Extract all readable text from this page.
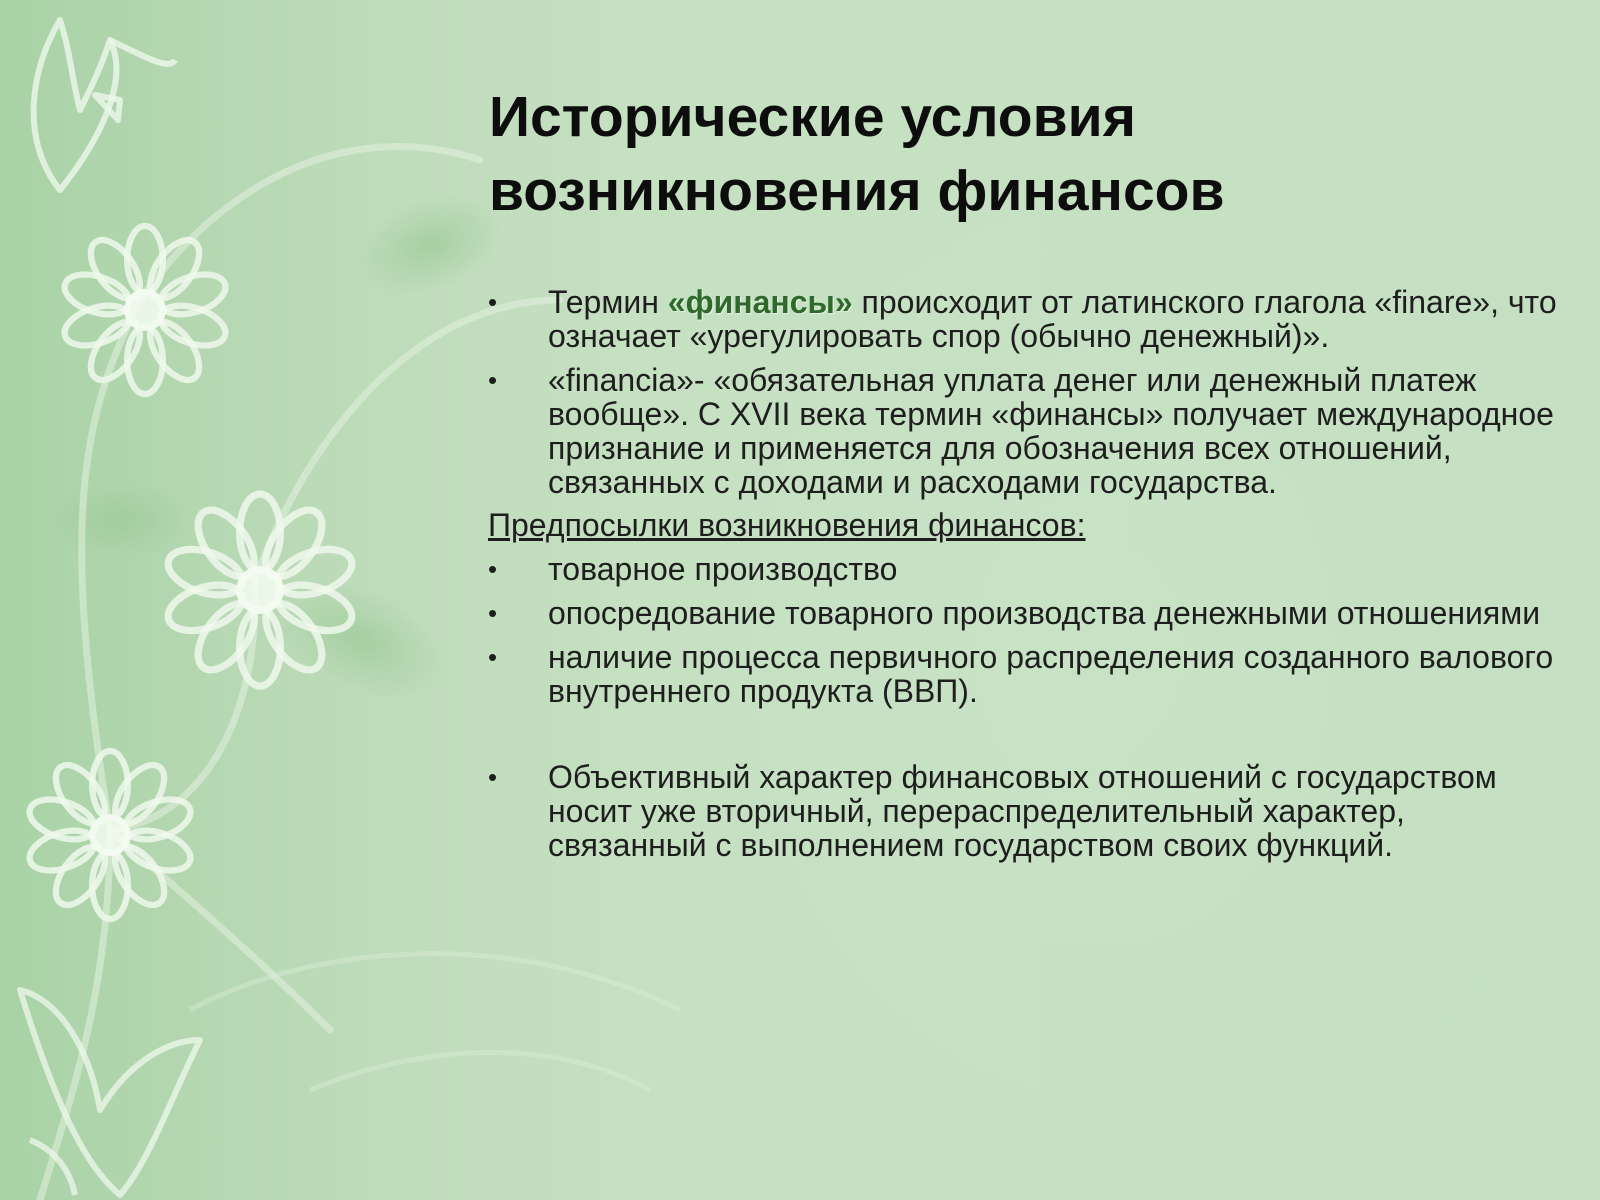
Исторические условия
возникновения финансов
•	Термин «финансы» происходит от латинского глагола «finare», что означает «урегулировать спор (обычно денежный)».
•	«financia»- «обязательная уплата денег или денежный платеж вообще». С XVII века термин «финансы» получает международное признание и применяется для обозначения всех отношений, связанных с доходами и расходами государства.
Предпосылки возникновения финансов:
•	товарное производство
•	опосредование товарного производства денежными отношениями
•	наличие процесса первичного распределения созданного валового внутреннего продукта (ВВП).
•	Объективный характер финансовых отношений с государством носит уже вторичный, перераспределительный характер, связанный с выполнением государством своих функций.
